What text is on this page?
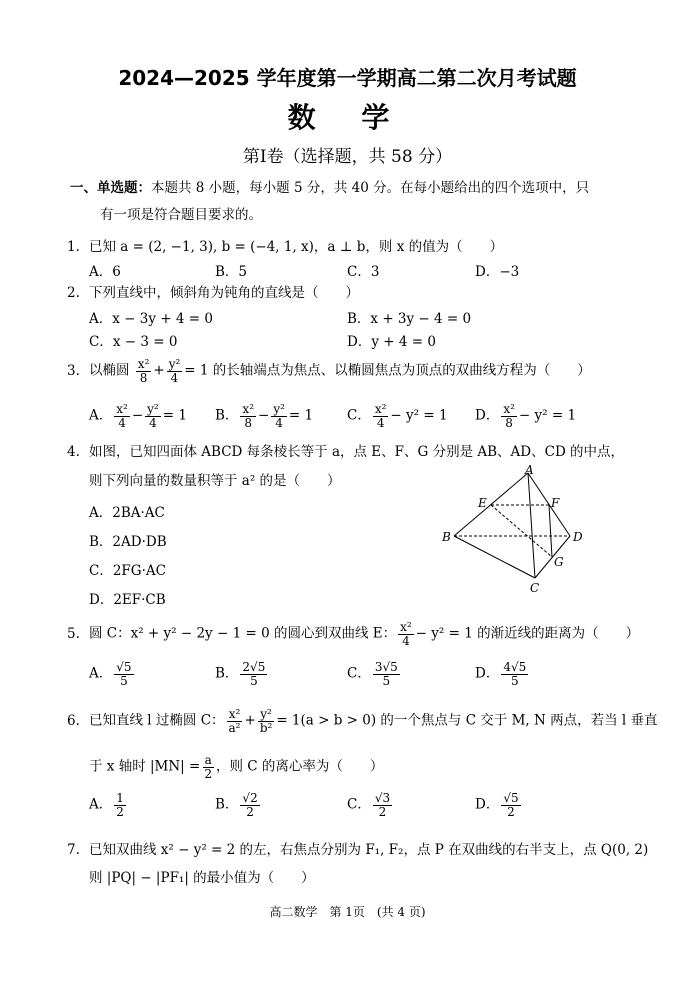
2024—2025 学年度第一学期高二第二次月考试题
数 学
第Ⅰ卷（选择题，共 58 分）
一、单选题：本题共 8 小题，每小题 5 分，共 40 分。在每小题给出的四个选项中，只
有一项是符合题目要求的。
1. 已知 a = (2, −1, 3), b = (−4, 1, x)，a ⊥ b，则 x 的值为（　　）
A．6	B．5	C．3	D．−3
2. 下列直线中，倾斜角为钝角的直线是（　　）
A．x − 3y + 4 = 0	B．x + 3y − 4 = 0
C．x − 3 = 0	D．y + 4 = 0
3. 以椭圆 $\frac{\text{x²}}{8} + \frac{\text{y²}}{4} = 1$ 的长轴端点为焦点、以椭圆焦点为顶点的双曲线方程为（　　）
A． $\frac{\text{x²}}{4} - \frac{\text{y²}}{4} = 1$ B． $\frac{\text{x²}}{8} - \frac{\text{y²}}{4} = 1$	C． $\frac{\text{x²}}{4} - y^2 = 1$ D． $\frac{\text{x²}}{8} - y^2 = 1$
4. 如图，已知四面体 ABCD 每条棱长等于 a，点 E、F、G 分别是 AB、AD、CD 的中点，
则下列向量的数量积等于 a² 的是（　　）
A．2BA·AC
B．2AD·DB
C．2FG·AC
D．2EF·CB
A
E	F
B	D
G
C
5. 圆 C：x² + y² − 2y − 1 = 0 的圆心到双曲线 E： $\frac{\text{x²}}{4} - y^2 = 1$ 的渐近线的距离为（　　）
A． $\frac{√5}{5}$	B． $\frac{2√5}{5}$	C． $\frac{3√5}{5}$	D． $\frac{4√5}{5}$
6. 已知直线 l 过椭圆 C： $\frac{\text{x²}}{\text{a²}} + \frac{\text{y²}}{\text{b²}} = 1(a > b > 0)$ 的一个焦点与 C 交于 M, N 两点，若当 l 垂直
于 x 轴时 $|MN| = \frac{a}{2}$ ，则 C 的离心率为（　　）
A． $\frac{1}{2}$	B． $\frac{√2}{2}$	C． $\frac{√3}{2}$	D． $\frac{√5}{2}$
7. 已知双曲线 x² − y² = 2 的左，右焦点分别为 F₁, F₂，点 P 在双曲线的右半支上，点 Q(0, 2)
则 |PQ| − |PF₁| 的最小值为（　　）
高二数学　第 1页　(共 4 页)
